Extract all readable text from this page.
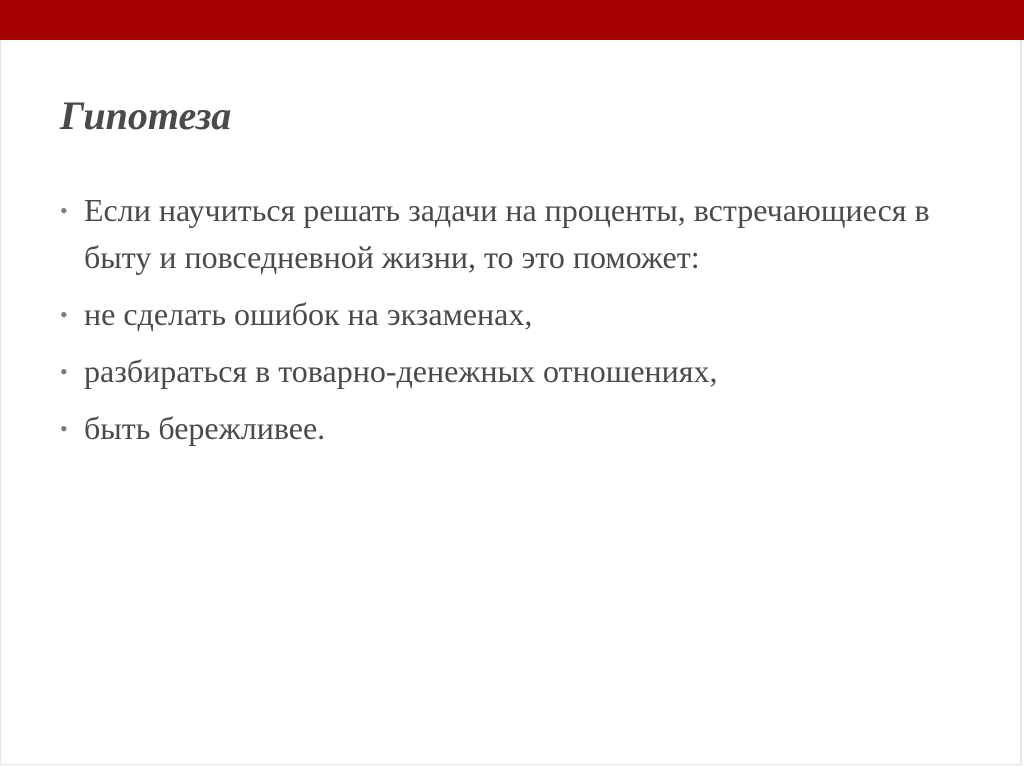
Гипотеза
• Если научиться решать задачи на проценты, встречающиеся в быту и повседневной жизни, то это поможет:
• не сделать ошибок на экзаменах,
• разбираться в товарно-денежных отношениях,
• быть бережливее.
